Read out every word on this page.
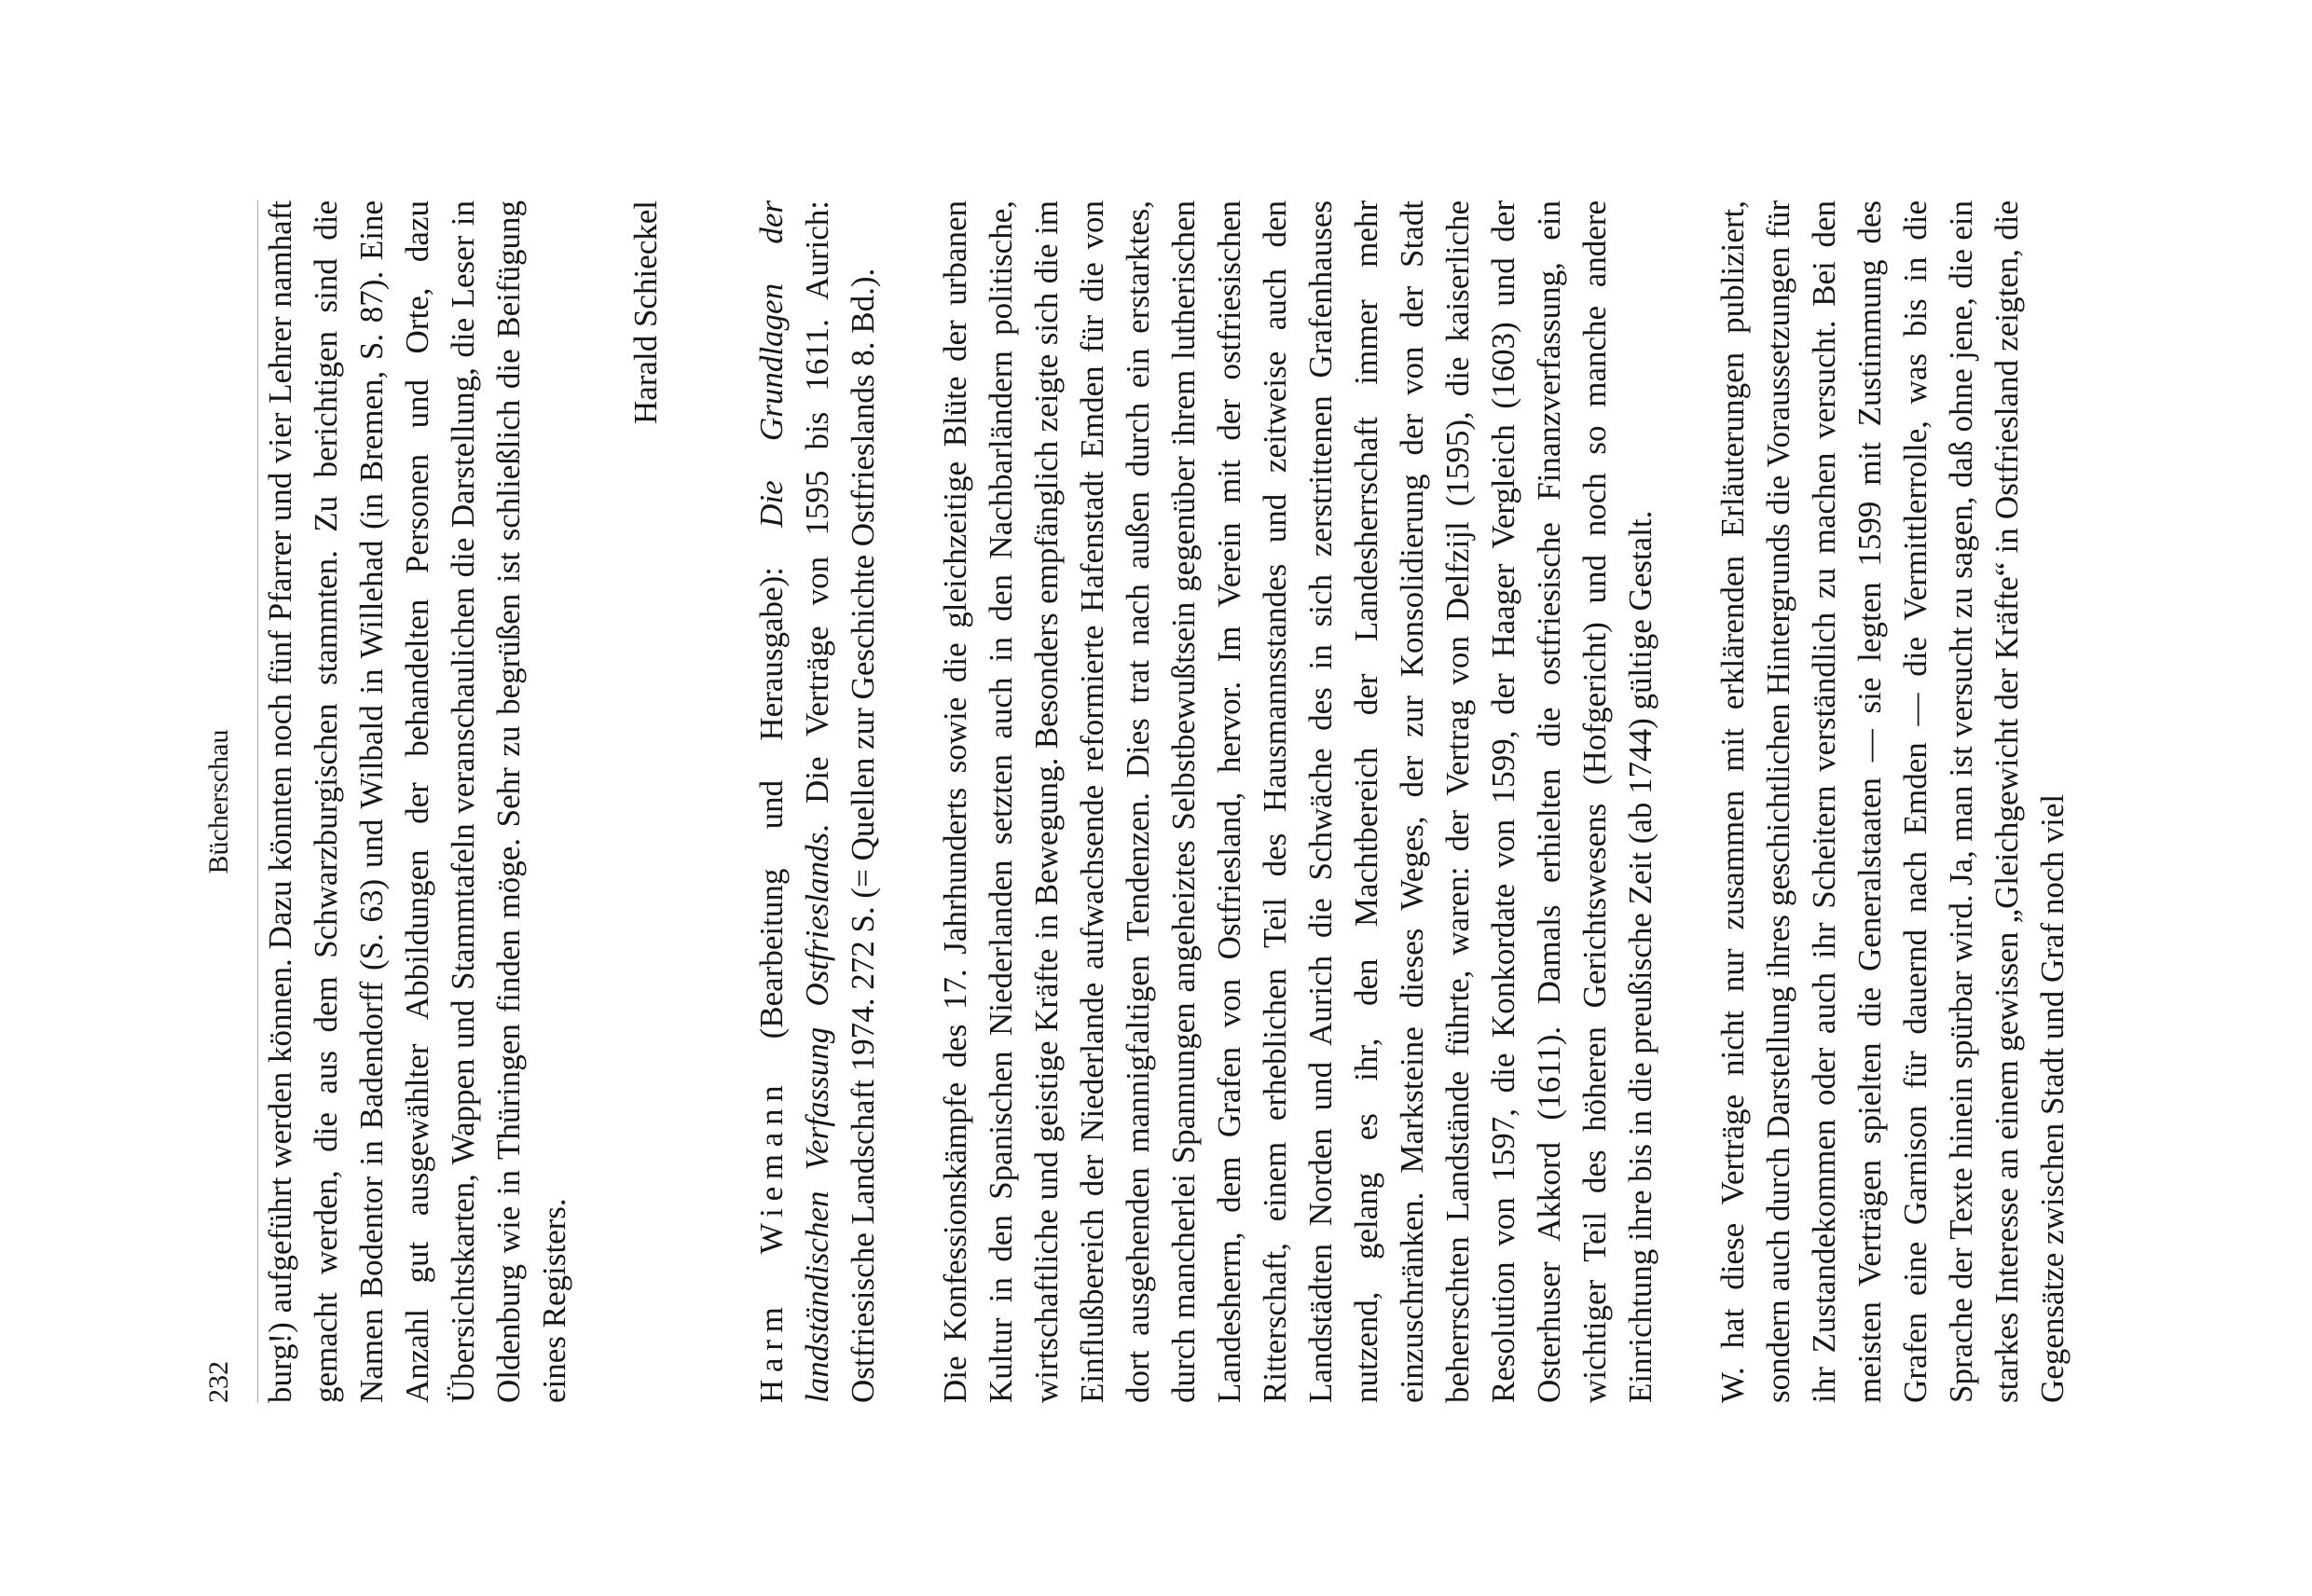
232
Bücherschau burg!) aufgeführt werden können. Dazu könnten noch fünf Pfarrer und vier Lehrer namhaft gemacht werden, die aus dem Schwarzburgischen stammten. Zu berichtigen sind die Namen Bodentor in Badendorff (S. 63) und Wilbald in Willehad (in Bremen, S. 87). Eine Anzahl gut ausgewählter Abbildungen der behandelten Personen und Orte, dazu Übersichtskarten, Wappen und Stammtafeln veranschaulichen die Darstellung, die Leser in Oldenburg wie in Thüringen finden möge. Sehr zu begrüßen ist schließlich die Beifügung eines Registers.

Harald Schieckel

Harm Wiemann (Bearbeitung und Herausgabe): Die Grundlagen der landständischen Verfassung Ostfrieslands. Die Verträge von 1595 bis 1611. Aurich: Ostfriesische Landschaft 1974. 272 S. (= Quellen zur Geschichte Ostfrieslands 8. Bd.). Die Konfessionskämpfe des 17. Jahrhunderts sowie die gleichzeitige Blüte der urbanen Kultur in den Spanischen Niederlanden setzten auch in den Nachbarländern politische, wirtschaftliche und geistige Kräfte in Bewegung. Besonders empfänglich zeigte sich die im Einflußbereich der Niederlande aufwachsende reformierte Hafenstadt Emden für die von dort ausgehenden mannigfaltigen Tendenzen. Dies trat nach außen durch ein erstarktes, durch mancherlei Spannungen angeheiztes Selbstbewußtsein gegenüber ihrem lutherischen Landesherrn, dem Grafen von Ostfriesland, hervor. Im Verein mit der ostfriesischen Ritterschaft, einem erheblichen Teil des Hausmannsstandes und zeitweise auch den Landstädten Norden und Aurich die Schwäche des in sich zerstrittenen Grafenhauses nutzend, gelang es ihr, den Machtbereich der Landesherrschaft immer mehr einzuschränken. Marksteine dieses Weges, der zur Konsolidierung der von der Stadt beherrschten Landstände führte, waren: der Vertrag von Delfzijl (1595), die kaiserliche Resolution von 1597, die Konkordate von 1599, der Haager Vergleich (1603) und der Osterhuser Akkord (1611). Damals erhielten die ostfriesische Finanzverfassung, ein wichtiger Teil des höheren Gerichtswesens (Hofgericht) und noch so manche andere Einrichtung ihre bis in die preußische Zeit (ab 1744) gültige Gestalt. W. hat diese Verträge nicht nur zusammen mit erklärenden Erläuterungen publiziert, sondern auch durch Darstellung ihres geschichtlichen Hintergrunds die Voraussetzungen für ihr Zustandekommen oder auch ihr Scheitern verständlich zu machen versucht. Bei den meisten Verträgen spielten die Generalstaaten — sie legten 1599 mit Zustimmung des Grafen eine Garnison für dauernd nach Emden — die Vermittlerrolle, was bis in die Sprache der Texte hinein spürbar wird. Ja, man ist versucht zu sagen, daß ohne jene, die ein starkes Interesse an einem gewissen „Gleichgewicht der Kräfte“ in Ostfriesland zeigten, die Gegensätze zwischen Stadt und Graf noch viel
